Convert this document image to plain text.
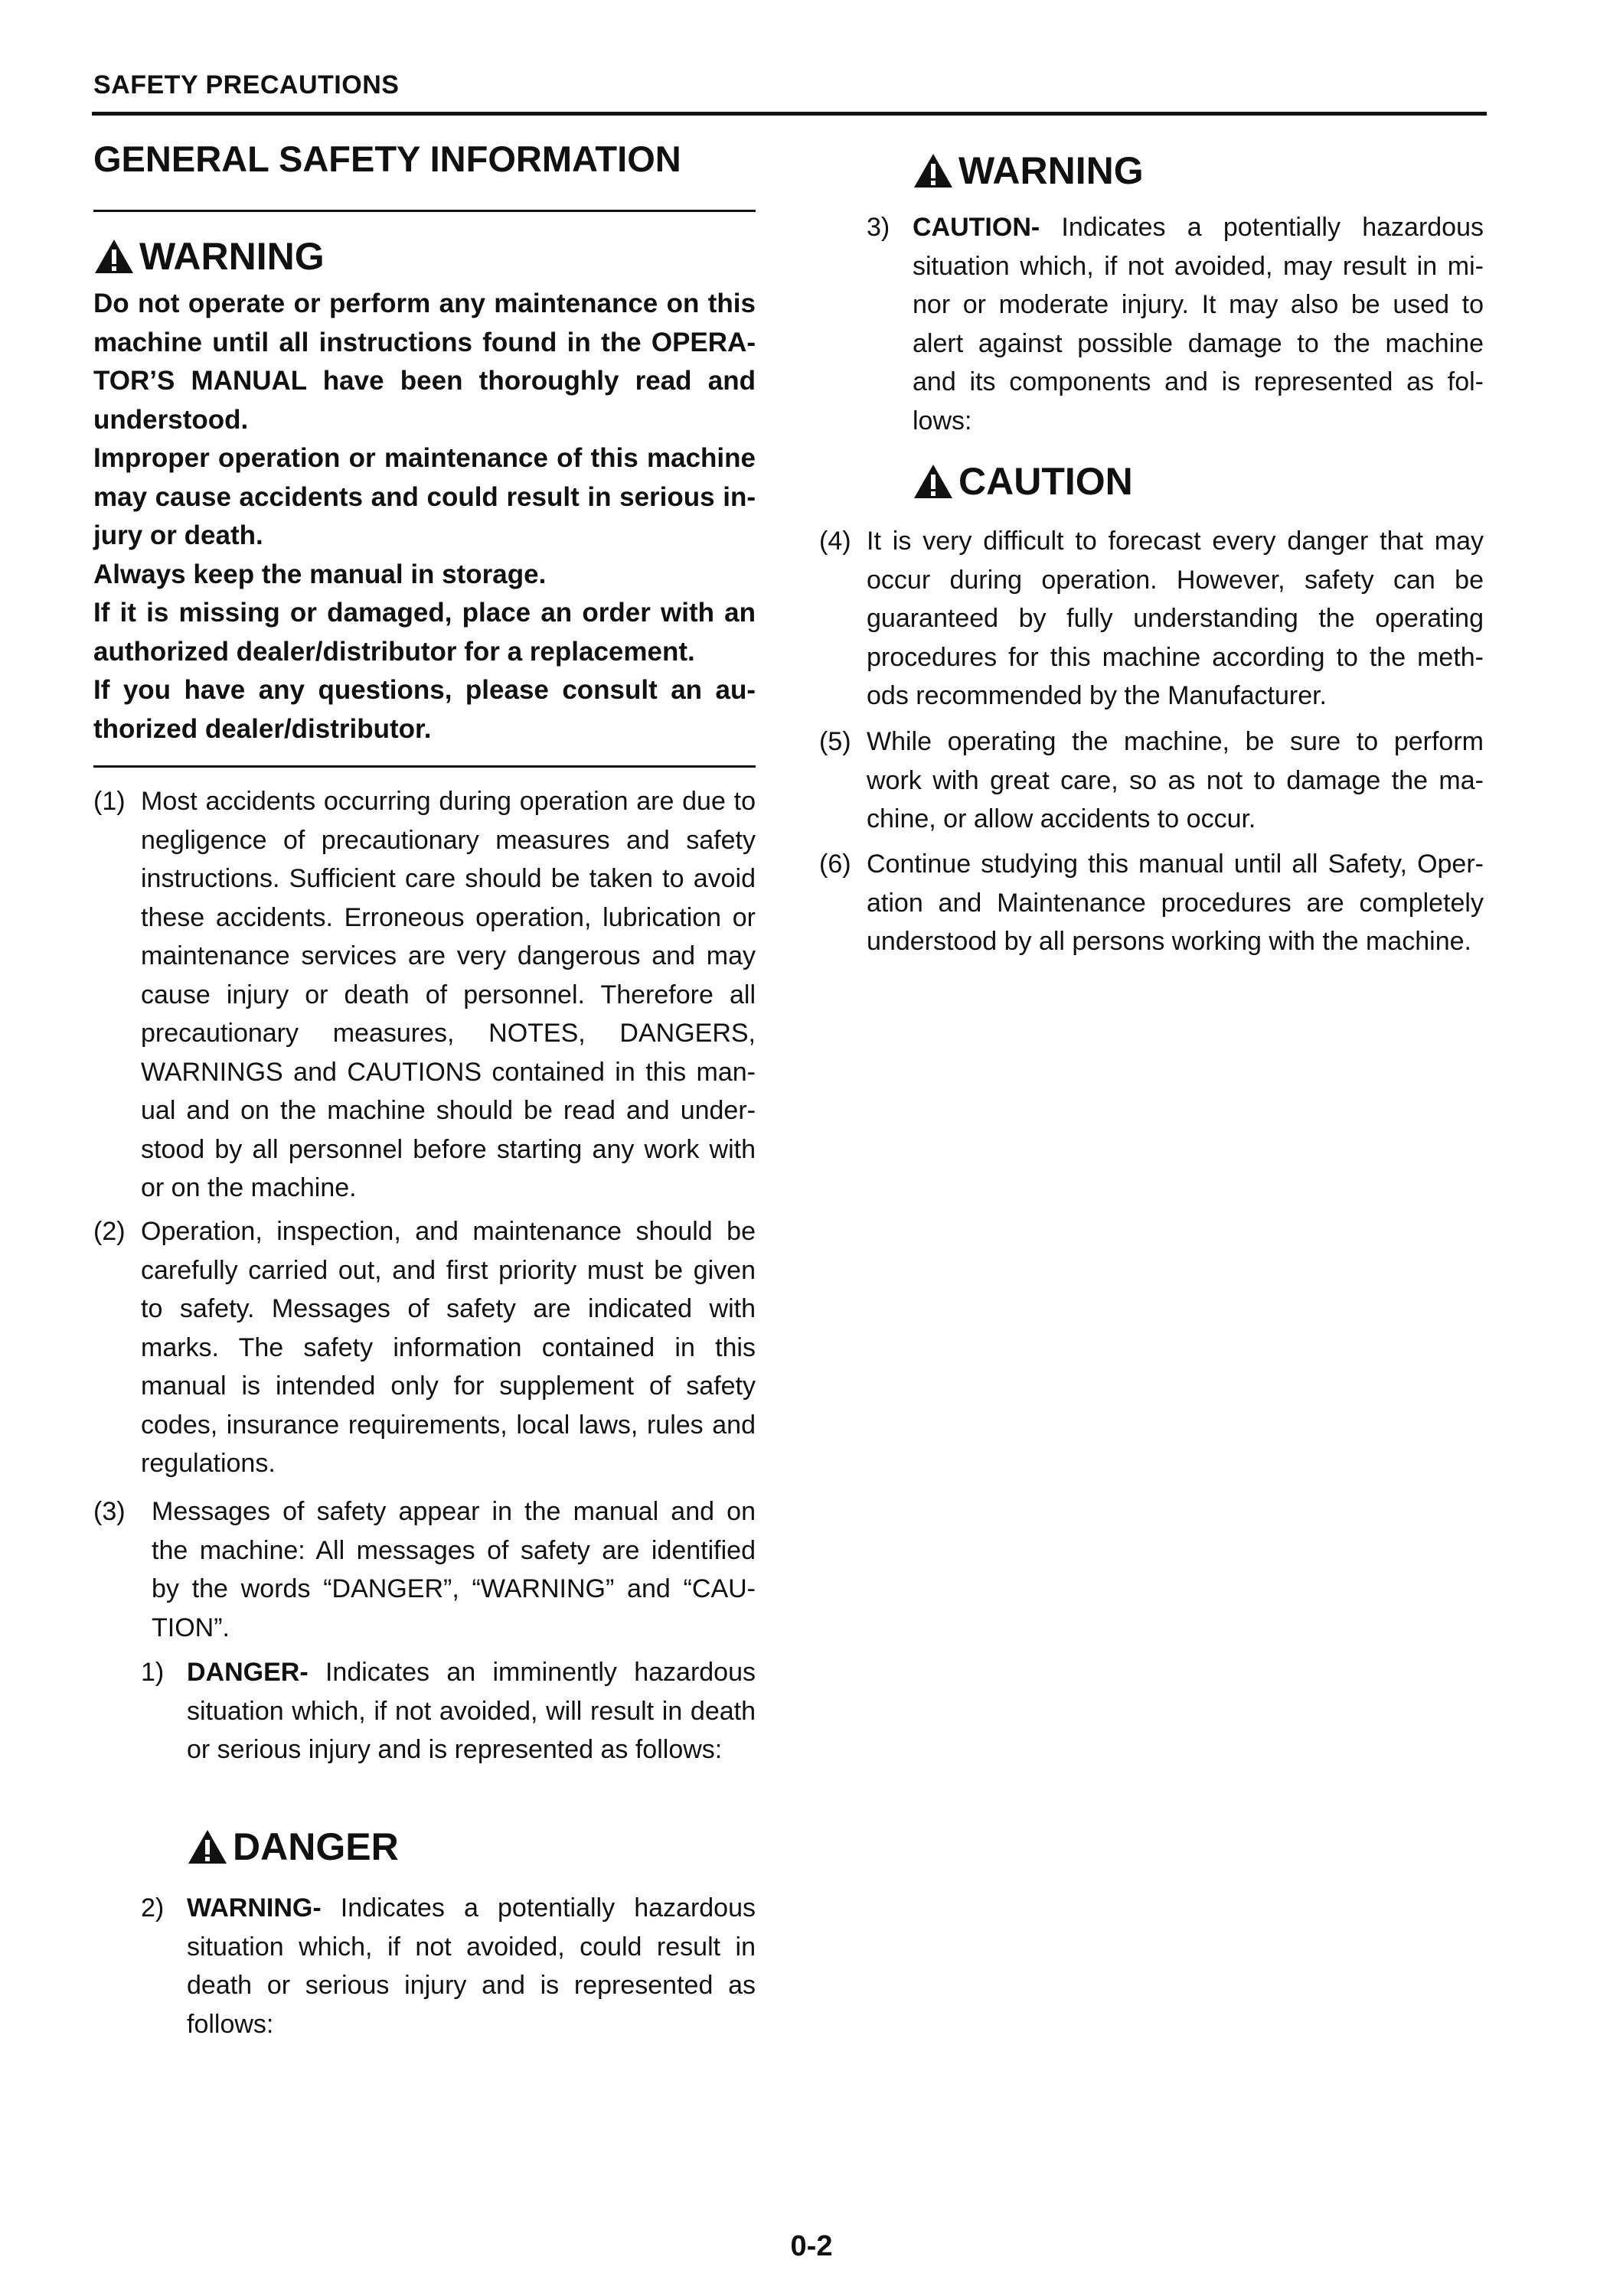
SAFETY PRECAUTIONS
GENERAL SAFETY INFORMATION
WARNING

Do not operate or perform any maintenance on this machine until all instructions found in the OPERATOR’S MANUAL have been thoroughly read and understood.

Improper operation or maintenance of this machine may cause accidents and could result in serious injury or death.

Always keep the manual in storage.

If it is missing or damaged, place an order with an authorized dealer/distributor for a replacement.

If you have any questions, please consult an authorized dealer/distributor.

(1) Most accidents occurring during operation are due to negligence of precautionary measures and safety instructions. Sufficient care should be taken to avoid these accidents. Erroneous operation, lubrication or maintenance services are very dangerous and may cause injury or death of personnel. Therefore all precautionary measures, NOTES, DANGERS, WARNINGS and CAUTIONS contained in this manual and on the machine should be read and understood by all personnel before starting any work with or on the machine.
(2) Operation, inspection, and maintenance should be carefully carried out, and first priority must be given to safety. Messages of safety are indicated with marks. The safety information contained in this manual is intended only for supplement of safety codes, insurance requirements, local laws, rules and regulations.
(3)	Messages of safety appear in the manual and on the machine: All messages of safety are identified by the words “DANGER”, “WARNING” and “CAUTION”.
1) DANGER- Indicates an imminently hazardous situation which, if not avoided, will result in death or serious injury and is represented as follows:
DANGER
2) WARNING- Indicates a potentially hazardous situation which, if not avoided, could result in death or serious injury and is represented as follows:
WARNING
3) CAUTION- Indicates a potentially hazardous situation which, if not avoided, may result in minor or moderate injury. It may also be used to alert against possible damage to the machine and its components and is represented as follows:
CAUTION
(4) It is very difficult to forecast every danger that may occur during operation. However, safety can be guaranteed by fully understanding the operating procedures for this machine according to the methods recommended by the Manufacturer.
(5) While operating the machine, be sure to perform work with great care, so as not to damage the machine, or allow accidents to occur.
(6) Continue studying this manual until all Safety, Operation and Maintenance procedures are completely understood by all persons working with the machine.
0-2
